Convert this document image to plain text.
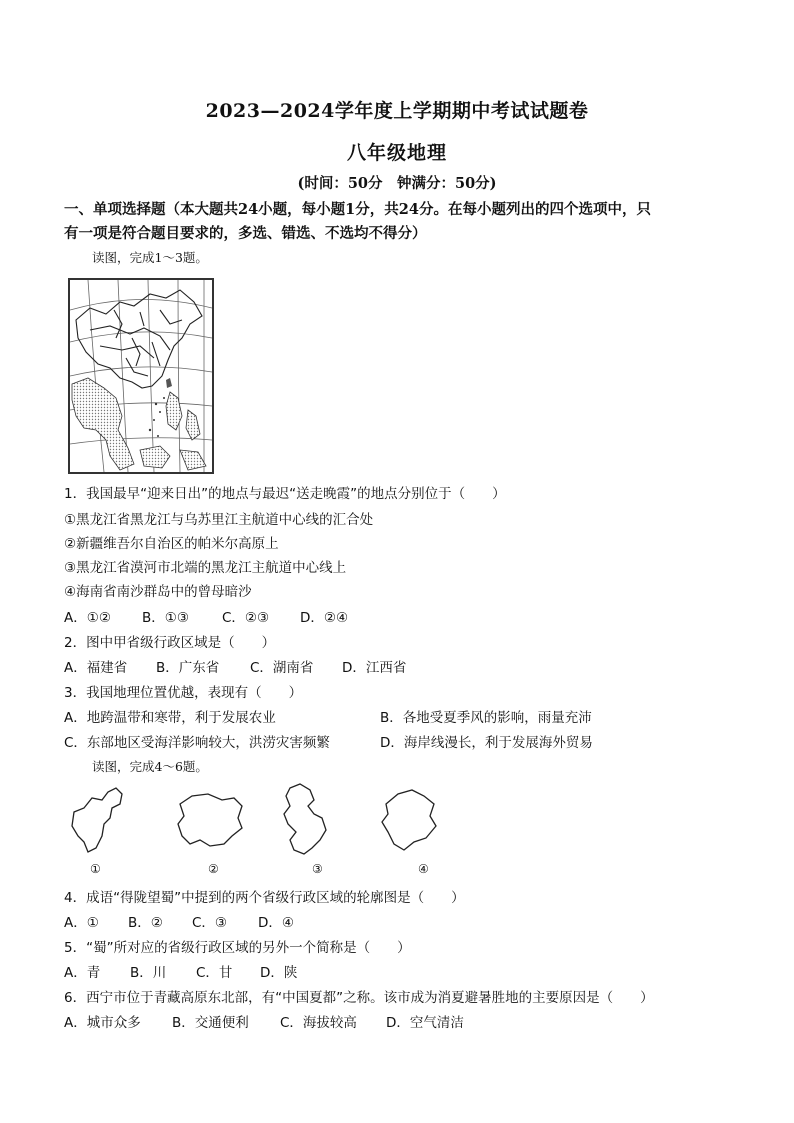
2023—2024学年度上学期期中考试试题卷
八年级地理
(时间：50分　钟满分：50分)
一、单项选择题（本大题共24小题，每小题1分，共24分。在每小题列出的四个选项中，只
有一项是符合题目要求的，多选、错选、不选均不得分）
读图，完成1～3题。
1．我国最早“迎来日出”的地点与最迟“送走晚霞”的地点分别位于（　　）
①黑龙江省黑龙江与乌苏里江主航道中心线的汇合处
②新疆维吾尔自治区的帕米尔高原上
③黑龙江省漠河市北端的黑龙江主航道中心线上
④海南省南沙群岛中的曾母暗沙
A．①② B．①③ C．②③ D．②④
2．图中甲省级行政区域是（　　）
A．福建省 B．广东省 C．湖南省 D．江西省
3．我国地理位置优越，表现有（　　）
A．地跨温带和寒带，利于发展农业	B．各地受夏季风的影响，雨量充沛
C．东部地区受海洋影响较大，洪涝灾害频繁	D．海岸线漫长，利于发展海外贸易
读图，完成4～6题。
①	②	③	④
4．成语“得陇望蜀”中提到的两个省级行政区域的轮廓图是（　　）
A．① B．② C．③ D．④
5．“蜀”所对应的省级行政区域的另外一个简称是（　　）
A．青 B．川 C．甘 D．陕
6．西宁市位于青藏高原东北部，有“中国夏都”之称。该市成为消夏避暑胜地的主要原因是（　　）
A．城市众多 B．交通便利 C．海拔较高 D．空气清洁
